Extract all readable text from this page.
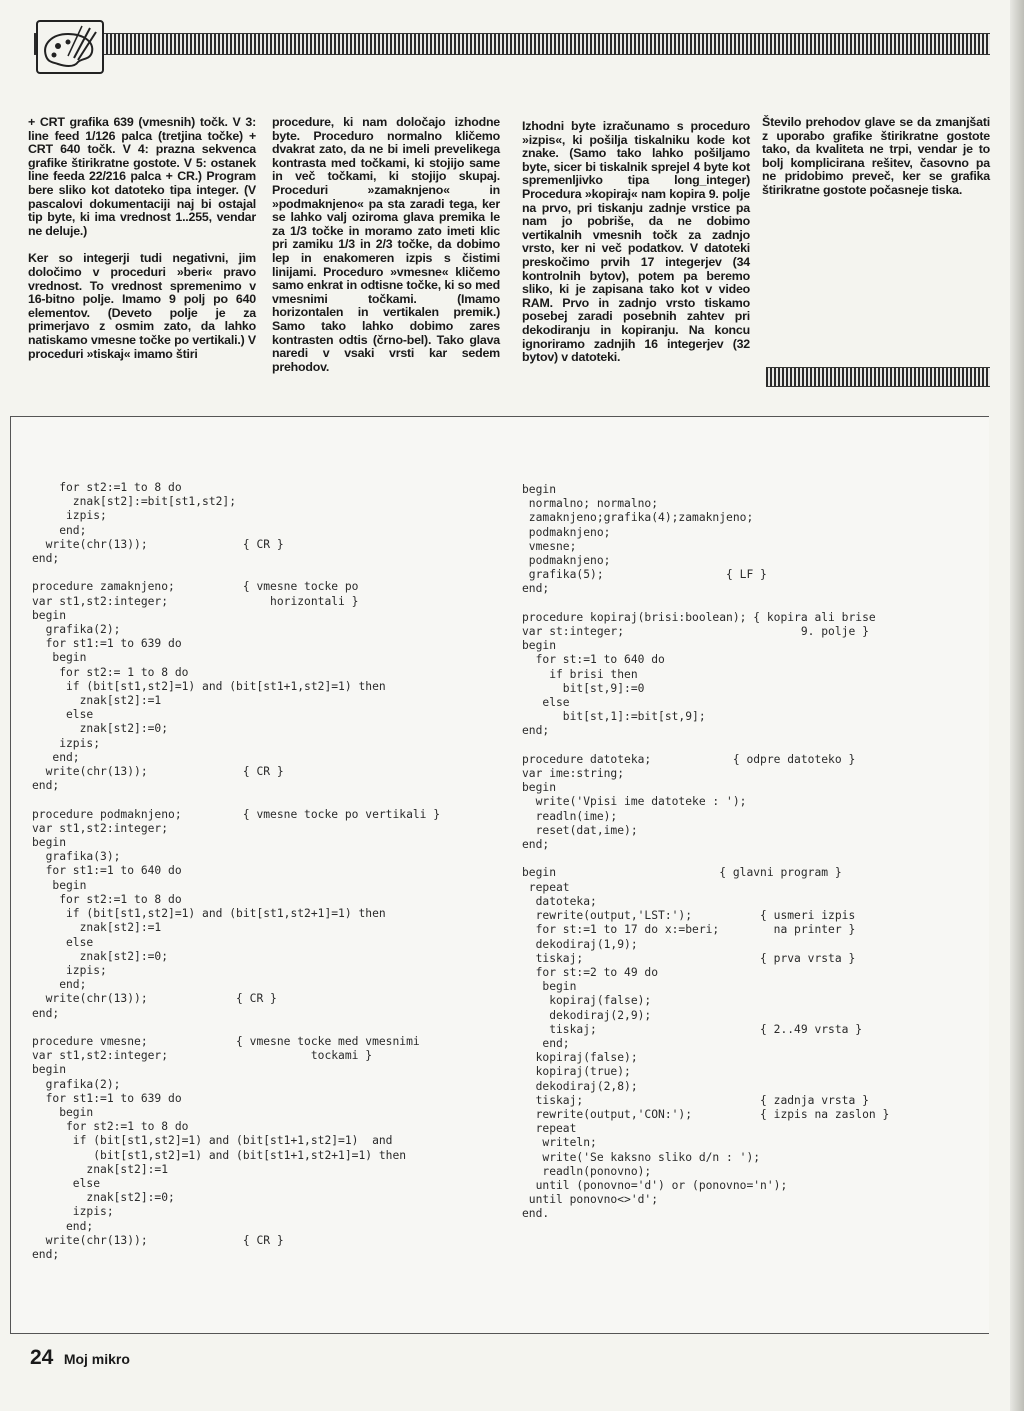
+ CRT grafika 639 (vmesnih) točk. V 3: line feed 1/126 palca (tretjina točke) + CRT 640 točk. V 4: prazna sekvenca grafike štirikratne gostote. V 5: ostanek line feeda 22/216 palca + CR.) Program bere sliko kot datoteko tipa integer. (V pascalovi dokumentaciji naj bi ostajal tip byte, ki ima vrednost 1..255, vendar ne deluje.)

Ker so integerji tudi negativni, jim določimo v proceduri »beri« pravo vrednost. To vrednost spremenimo v 16-bitno polje. Imamo 9 polj po 640 elementov. (Deveto polje je za primerjavo z osmim zato, da lahko natiskamo vmesne točke po vertikali.) V proceduri »tiskaj« imamo štiri

procedure, ki nam določajo izhodne byte. Proceduro normalno kličemo dvakrat zato, da ne bi imeli prevelikega kontrasta med točkami, ki stojijo same in več točkami, ki stojijo skupaj. Proceduri »zamaknjeno« in »podmaknjeno« pa sta zaradi tega, ker se lahko valj oziroma glava premika le za 1/3 točke in moramo zato imeti klic pri zamiku 1/3 in 2/3 točke, da dobimo lep in enakomeren izpis s čistimi linijami. Proceduro »vmesne« kličemo samo enkrat in odtisne točke, ki so med vmesnimi točkami. (Imamo horizontalen in vertikalen premik.) Samo tako lahko dobimo zares kontrasten odtis (črno-bel). Tako glava naredi v vsaki vrsti kar sedem prehodov.

Izhodni byte izračunamo s proceduro »izpis«, ki pošilja tiskalniku kode kot znake. (Samo tako lahko pošiljamo byte, sicer bi tiskalnik sprejel 4 byte kot spremenljivko tipa long_integer) Procedura »kopiraj« nam kopira 9. polje na prvo, pri tiskanju zadnje vrstice pa nam jo pobriše, da ne dobimo vertikalnih vmesnih točk za zadnjo vrsto, ker ni več podatkov. V datoteki preskočimo prvih 17 integerjev (34 kontrolnih bytov), potem pa beremo sliko, ki je zapisana tako kot v video RAM. Prvo in zadnjo vrsto tiskamo posebej zaradi posebnih zahtev pri dekodiranju in kopiranju. Na koncu ignoriramo zadnjih 16 integerjev (32 bytov) v datoteki.

Število prehodov glave se da zmanjšati z uporabo grafike štirikratne gostote tako, da kvaliteta ne trpi, vendar je to bolj komplicirana rešitev, časovno pa ne pridobimo preveč, ker se grafika štirikratne gostote počasneje tiska.

for st2:=1 to 8 do
znak[st2]:=bit[st1,st2];
izpis;
end;
write(chr(13));              { CR }
end;

procedure zamaknjeno;          { vmesne tocke po
var st1,st2:integer;               horizontali }
begin
grafika(2);
for st1:=1 to 639 do
begin
for st2:= 1 to 8 do
if (bit[st1,st2]=1) and (bit[st1+1,st2]=1) then
znak[st2]:=1
else
znak[st2]:=0;
izpis;
end;
write(chr(13));              { CR }
end;

procedure podmaknjeno;         { vmesne tocke po vertikali }
var st1,st2:integer;
begin
grafika(3);
for st1:=1 to 640 do
begin
for st2:=1 to 8 do
if (bit[st1,st2]=1) and (bit[st1,st2+1]=1) then
znak[st2]:=1
else
znak[st2]:=0;
izpis;
end;
write(chr(13));             { CR }
end;

procedure vmesne;             { vmesne tocke med vmesnimi
var st1,st2:integer;                     tockami }
begin
grafika(2);
for st1:=1 to 639 do
begin
for st2:=1 to 8 do
if (bit[st1,st2]=1) and (bit[st1+1,st2]=1)  and
(bit[st1,st2]=1) and (bit[st1+1,st2+1]=1) then
znak[st2]:=1
else
znak[st2]:=0;
izpis;
end;
write(chr(13));              { CR }
end;
begin
normalno; normalno;
zamaknjeno;grafika(4);zamaknjeno;
podmaknjeno;
vmesne;
podmaknjeno;
grafika(5);                  { LF }
end;

procedure kopiraj(brisi:boolean); { kopira ali brise
var st:integer;                          9. polje }
begin
for st:=1 to 640 do
if brisi then
bit[st,9]:=0
else
bit[st,1]:=bit[st,9];
end;

procedure datoteka;            { odpre datoteko }
var ime:string;
begin
write('Vpisi ime datoteke : ');
readln(ime);
reset(dat,ime);
end;

begin                        { glavni program }
repeat
datoteka;
rewrite(output,'LST:');          { usmeri izpis
for st:=1 to 17 do x:=beri;        na printer }
dekodiraj(1,9);
tiskaj;                          { prva vrsta }
for st:=2 to 49 do
begin
kopiraj(false);
dekodiraj(2,9);
tiskaj;                        { 2..49 vrsta }
end;
kopiraj(false);
kopiraj(true);
dekodiraj(2,8);
tiskaj;                          { zadnja vrsta }
rewrite(output,'CON:');          { izpis na zaslon }
repeat
writeln;
write('Se kaksno sliko d/n : ');
readln(ponovno);
until (ponovno='d') or (ponovno='n');
until ponovno<>'d';
end.
24 Moj mikro
